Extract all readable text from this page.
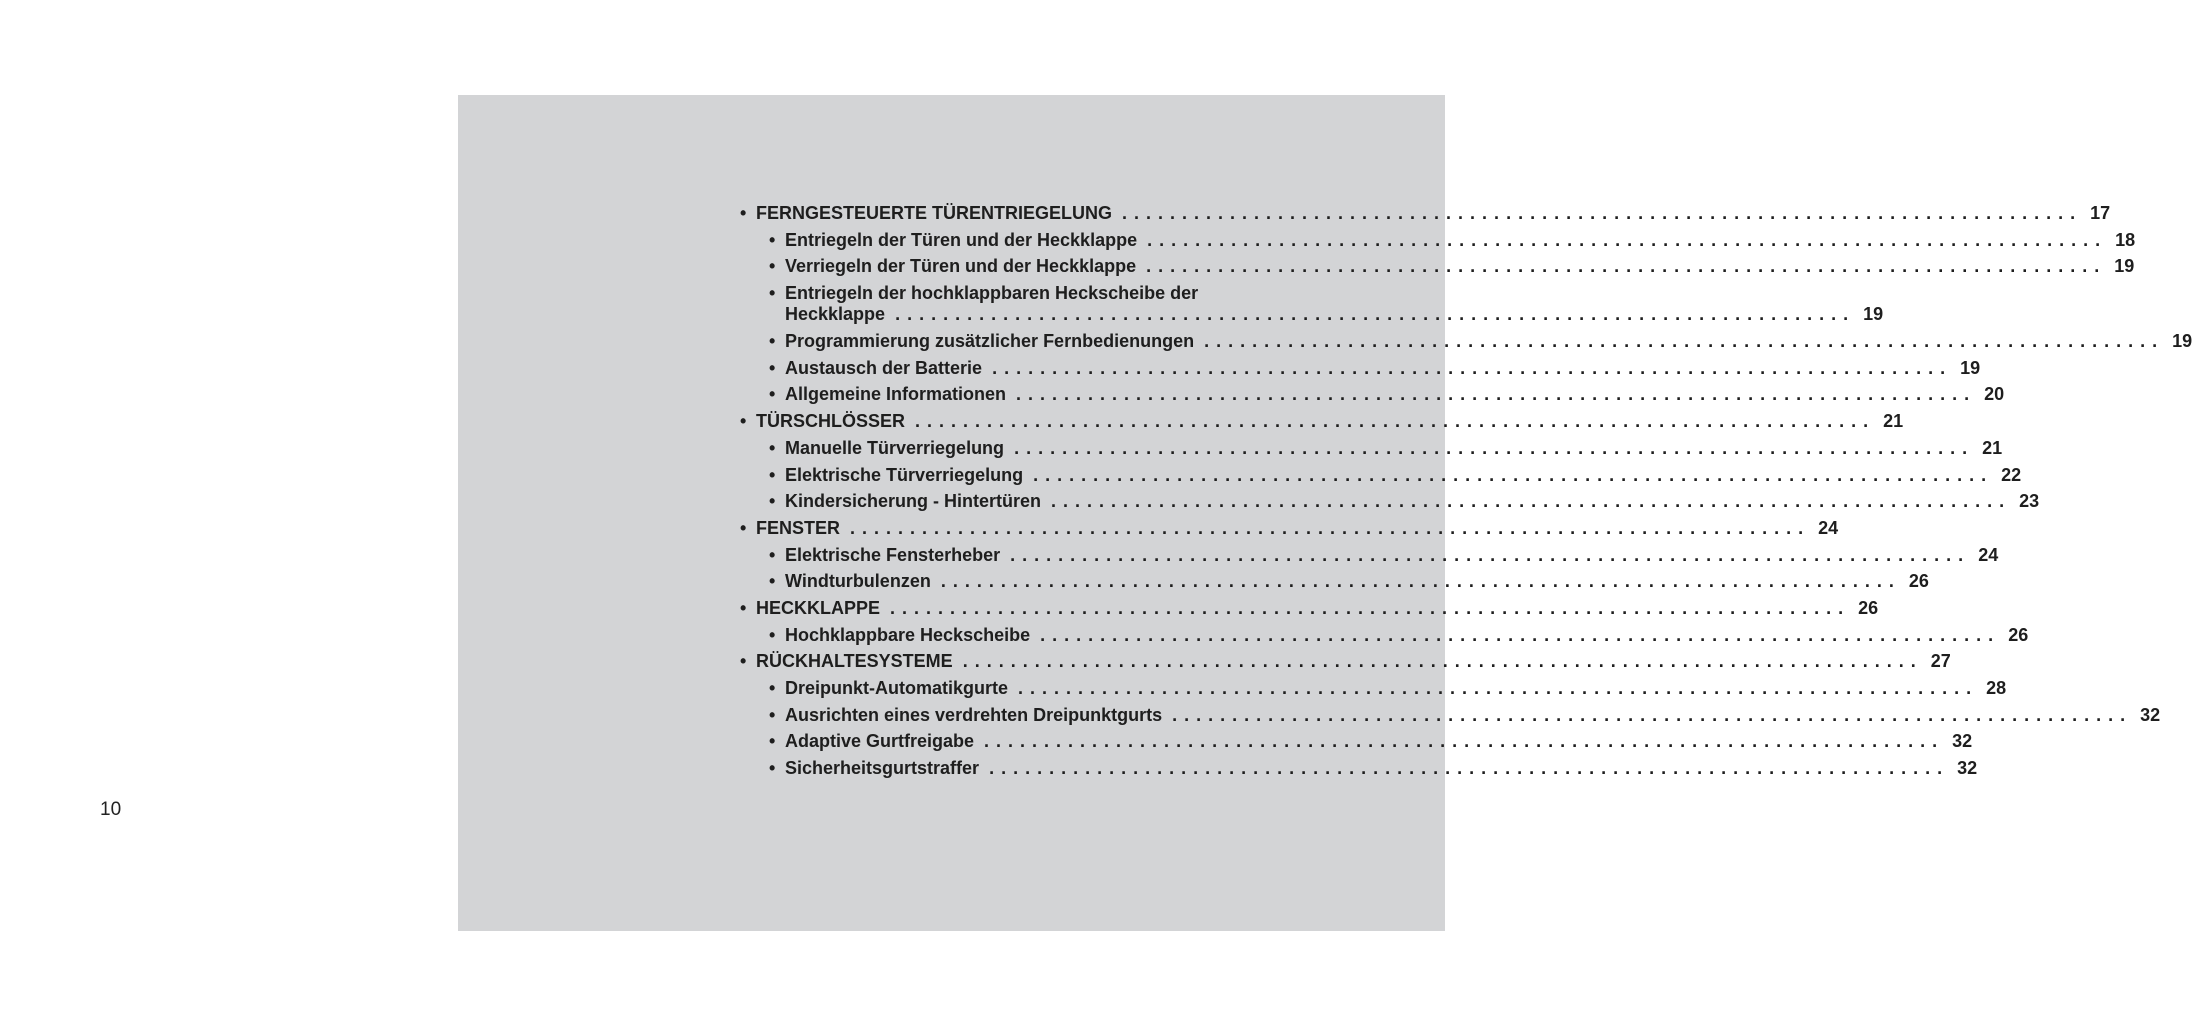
10
• FERNGESTEUERTE TÜRENTRIEGELUNG ................................................................................ 17
• Entriegeln der Türen und der Heckklappe ................................................................................ 18
• Verriegeln der Türen und der Heckklappe ................................................................................ 19
• Entriegeln der hochklappbaren Heckscheibe der
Heckklappe ................................................................................ 19
• Programmierung zusätzlicher Fernbedienungen ................................................................................ 19
• Austausch der Batterie ................................................................................ 19
• Allgemeine Informationen ................................................................................ 20
• TÜRSCHLÖSSER ................................................................................ 21
• Manuelle Türverriegelung ................................................................................ 21
• Elektrische Türverriegelung ................................................................................ 22
• Kindersicherung - Hintertüren ................................................................................ 23
• FENSTER ................................................................................ 24
• Elektrische Fensterheber ................................................................................ 24
• Windturbulenzen ................................................................................ 26
• HECKKLAPPE ................................................................................ 26
• Hochklappbare Heckscheibe ................................................................................ 26
• RÜCKHALTESYSTEME ................................................................................ 27
• Dreipunkt-Automatikgurte ................................................................................ 28
• Ausrichten eines verdrehten Dreipunktgurts ................................................................................ 32
• Adaptive Gurtfreigabe ................................................................................ 32
• Sicherheitsgurtstraffer ................................................................................ 32
